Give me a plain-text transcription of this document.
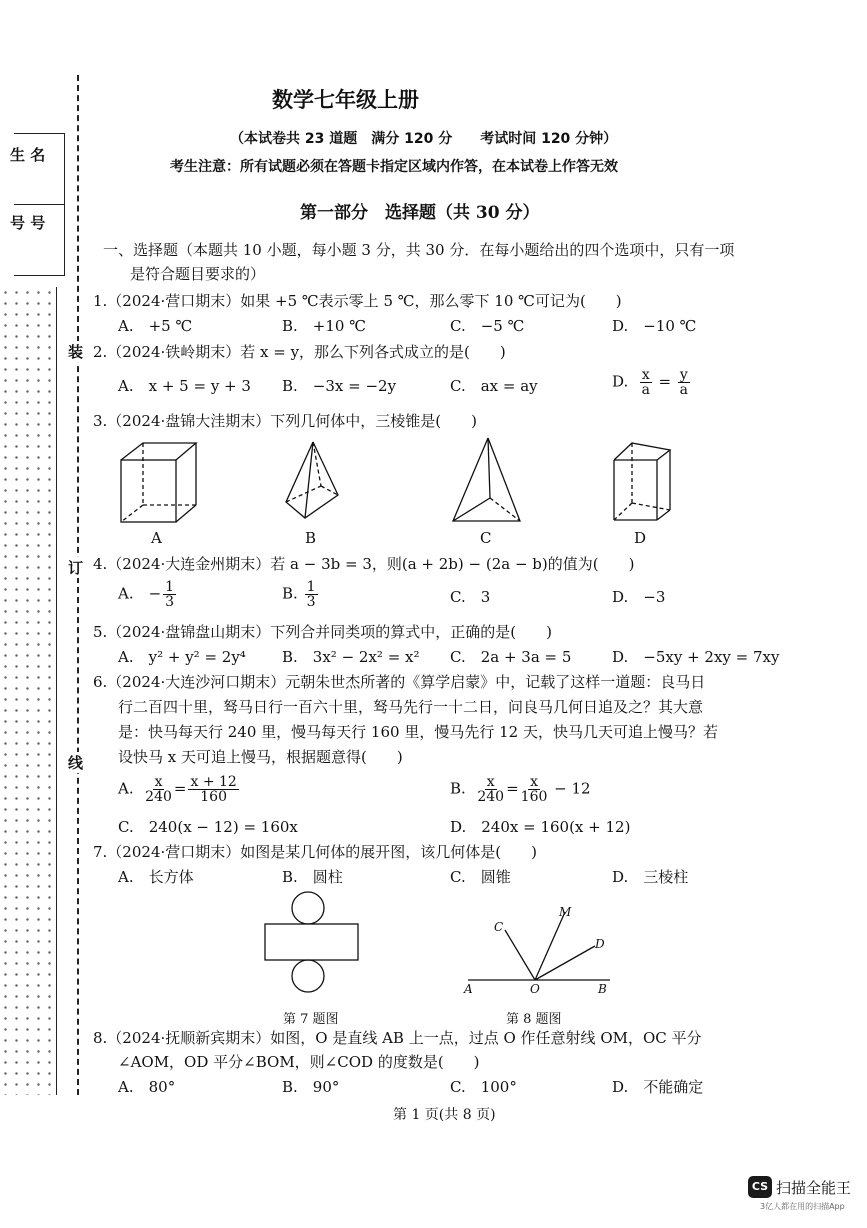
生 名
号 号
装
订
线
数学七年级上册
（本试卷共 23 道题　满分 120 分　　考试时间 120 分钟）
考生注意：所有试题必须在答题卡指定区域内作答，在本试卷上作答无效
第一部分　选择题（共 30 分）
一、选择题（本题共 10 小题，每小题 3 分，共 30 分．在每小题给出的四个选项中，只有一项
是符合题目要求的）
1.（2024·营口期末）如果 +5 ℃表示零上 5 ℃，那么零下 10 ℃可记为(　　)
A.　+5 ℃	B.　+10 ℃	C.　−5 ℃	D.　−10 ℃
2.（2024·铁岭期末）若 x = y，那么下列各式成立的是(　　)
A.　x + 5 = y + 3 B.　−3x = −2y	C.　ax = ay	D. $\frac{x}{a} = \frac{y}{a}$
3.（2024·盘锦大洼期末）下列几何体中，三棱锥是(　　)
A	B	C	D
4.（2024·大连金州期末）若 a − 3b = 3，则(a + 2b) − (2a − b)的值为(　　)
A.　− $\frac{1}{3}$	B. $\frac{1}{3}$	C.　3	D.　−3
5.（2024·盘锦盘山期末）下列合并同类项的算式中，正确的是(　　)
A.　y² + y² = 2y⁴ B.　3x² − 2x² = x² C.　2a + 3a = 5	D.　−5xy + 2xy = 7xy
6.（2024·大连沙河口期末）元朝朱世杰所著的《算学启蒙》中，记载了这样一道题：良马日
行二百四十里，驽马日行一百六十里，驽马先行一十二日，问良马几何日追及之？其大意
是：快马每天行 240 里，慢马每天行 160 里，慢马先行 12 天，快马几天可追上慢马？若
设快马 x 天可追上慢马，根据题意得(　　)
A. $\frac{x}{240} = \frac{x + 12}{160}$	B. $\frac{x}{240} = \frac{x}{160} - 12$
C.　240(x − 12) = 160x	D.　240x = 160(x + 12)
7.（2024·营口期末）如图是某几何体的展开图，该几何体是(　　)
A.　长方体	B.　圆柱	C.　圆锥	D.　三棱柱
第 7 题图
A	O	B
C
M
D
第 8 题图
8.（2024·抚顺新宾期末）如图，O 是直线 AB 上一点，过点 O 作任意射线 OM，OC 平分
∠AOM，OD 平分∠BOM，则∠COD 的度数是(　　)
A.　80°	B.　90°	C.　100°	D.　不能确定
第 1 页(共 8 页)
CS 扫描全能王
3亿人都在用的扫描App
